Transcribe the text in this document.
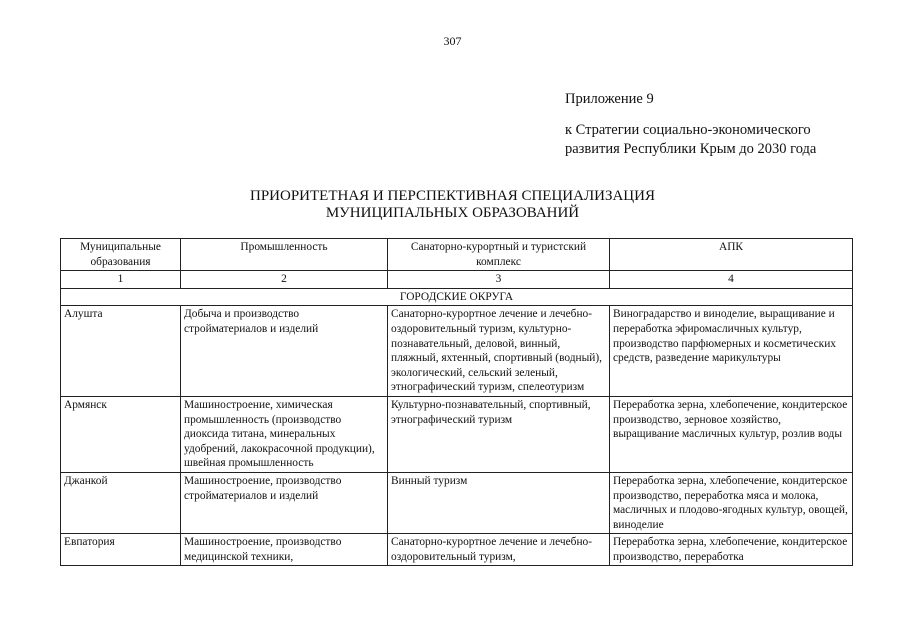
307
Приложение 9
к Стратегии социально-экономического
развития Республики Крым до 2030 года
ПРИОРИТЕТНАЯ И ПЕРСПЕКТИВНАЯ СПЕЦИАЛИЗАЦИЯ
МУНИЦИПАЛЬНЫХ ОБРАЗОВАНИЙ
Муниципальные образования	Промышленность	Санаторно-курортный и туристский комплекс	АПК
1	2	3	4
ГОРОДСКИЕ ОКРУГА			
Алушта	Добыча и производство стройматериалов и изделий	Санаторно-курортное лечение и лечебно-оздоровительный туризм, культурно-познавательный, деловой, винный, пляжный, яхтенный, спортивный (водный), экологический, сельский зеленый, этнографический туризм, спелеотуризм	Виноградарство и виноделие, выращивание и переработка эфиромасличных культур, производство парфюмерных и косметических средств, разведение марикультуры
Армянск	Машиностроение, химическая промышленность (производство диоксида титана, минеральных удобрений, лакокрасочной продукции), швейная промышленность	Культурно-познавательный, спортивный, этнографический туризм	Переработка зерна, хлебопечение, кондитерское производство, зерновое хозяйство, выращивание масличных культур, розлив воды
Джанкой	Машиностроение, производство стройматериалов и изделий	Винный туризм	Переработка зерна, хлебопечение, кондитерское производство, переработка мяса и молока, масличных и плодово-ягодных культур, овощей, виноделие
Евпатория	Машиностроение, производство медицинской техники,	Санаторно-курортное лечение и лечебно-оздоровительный туризм,	Переработка зерна, хлебопечение, кондитерское производство, переработка
